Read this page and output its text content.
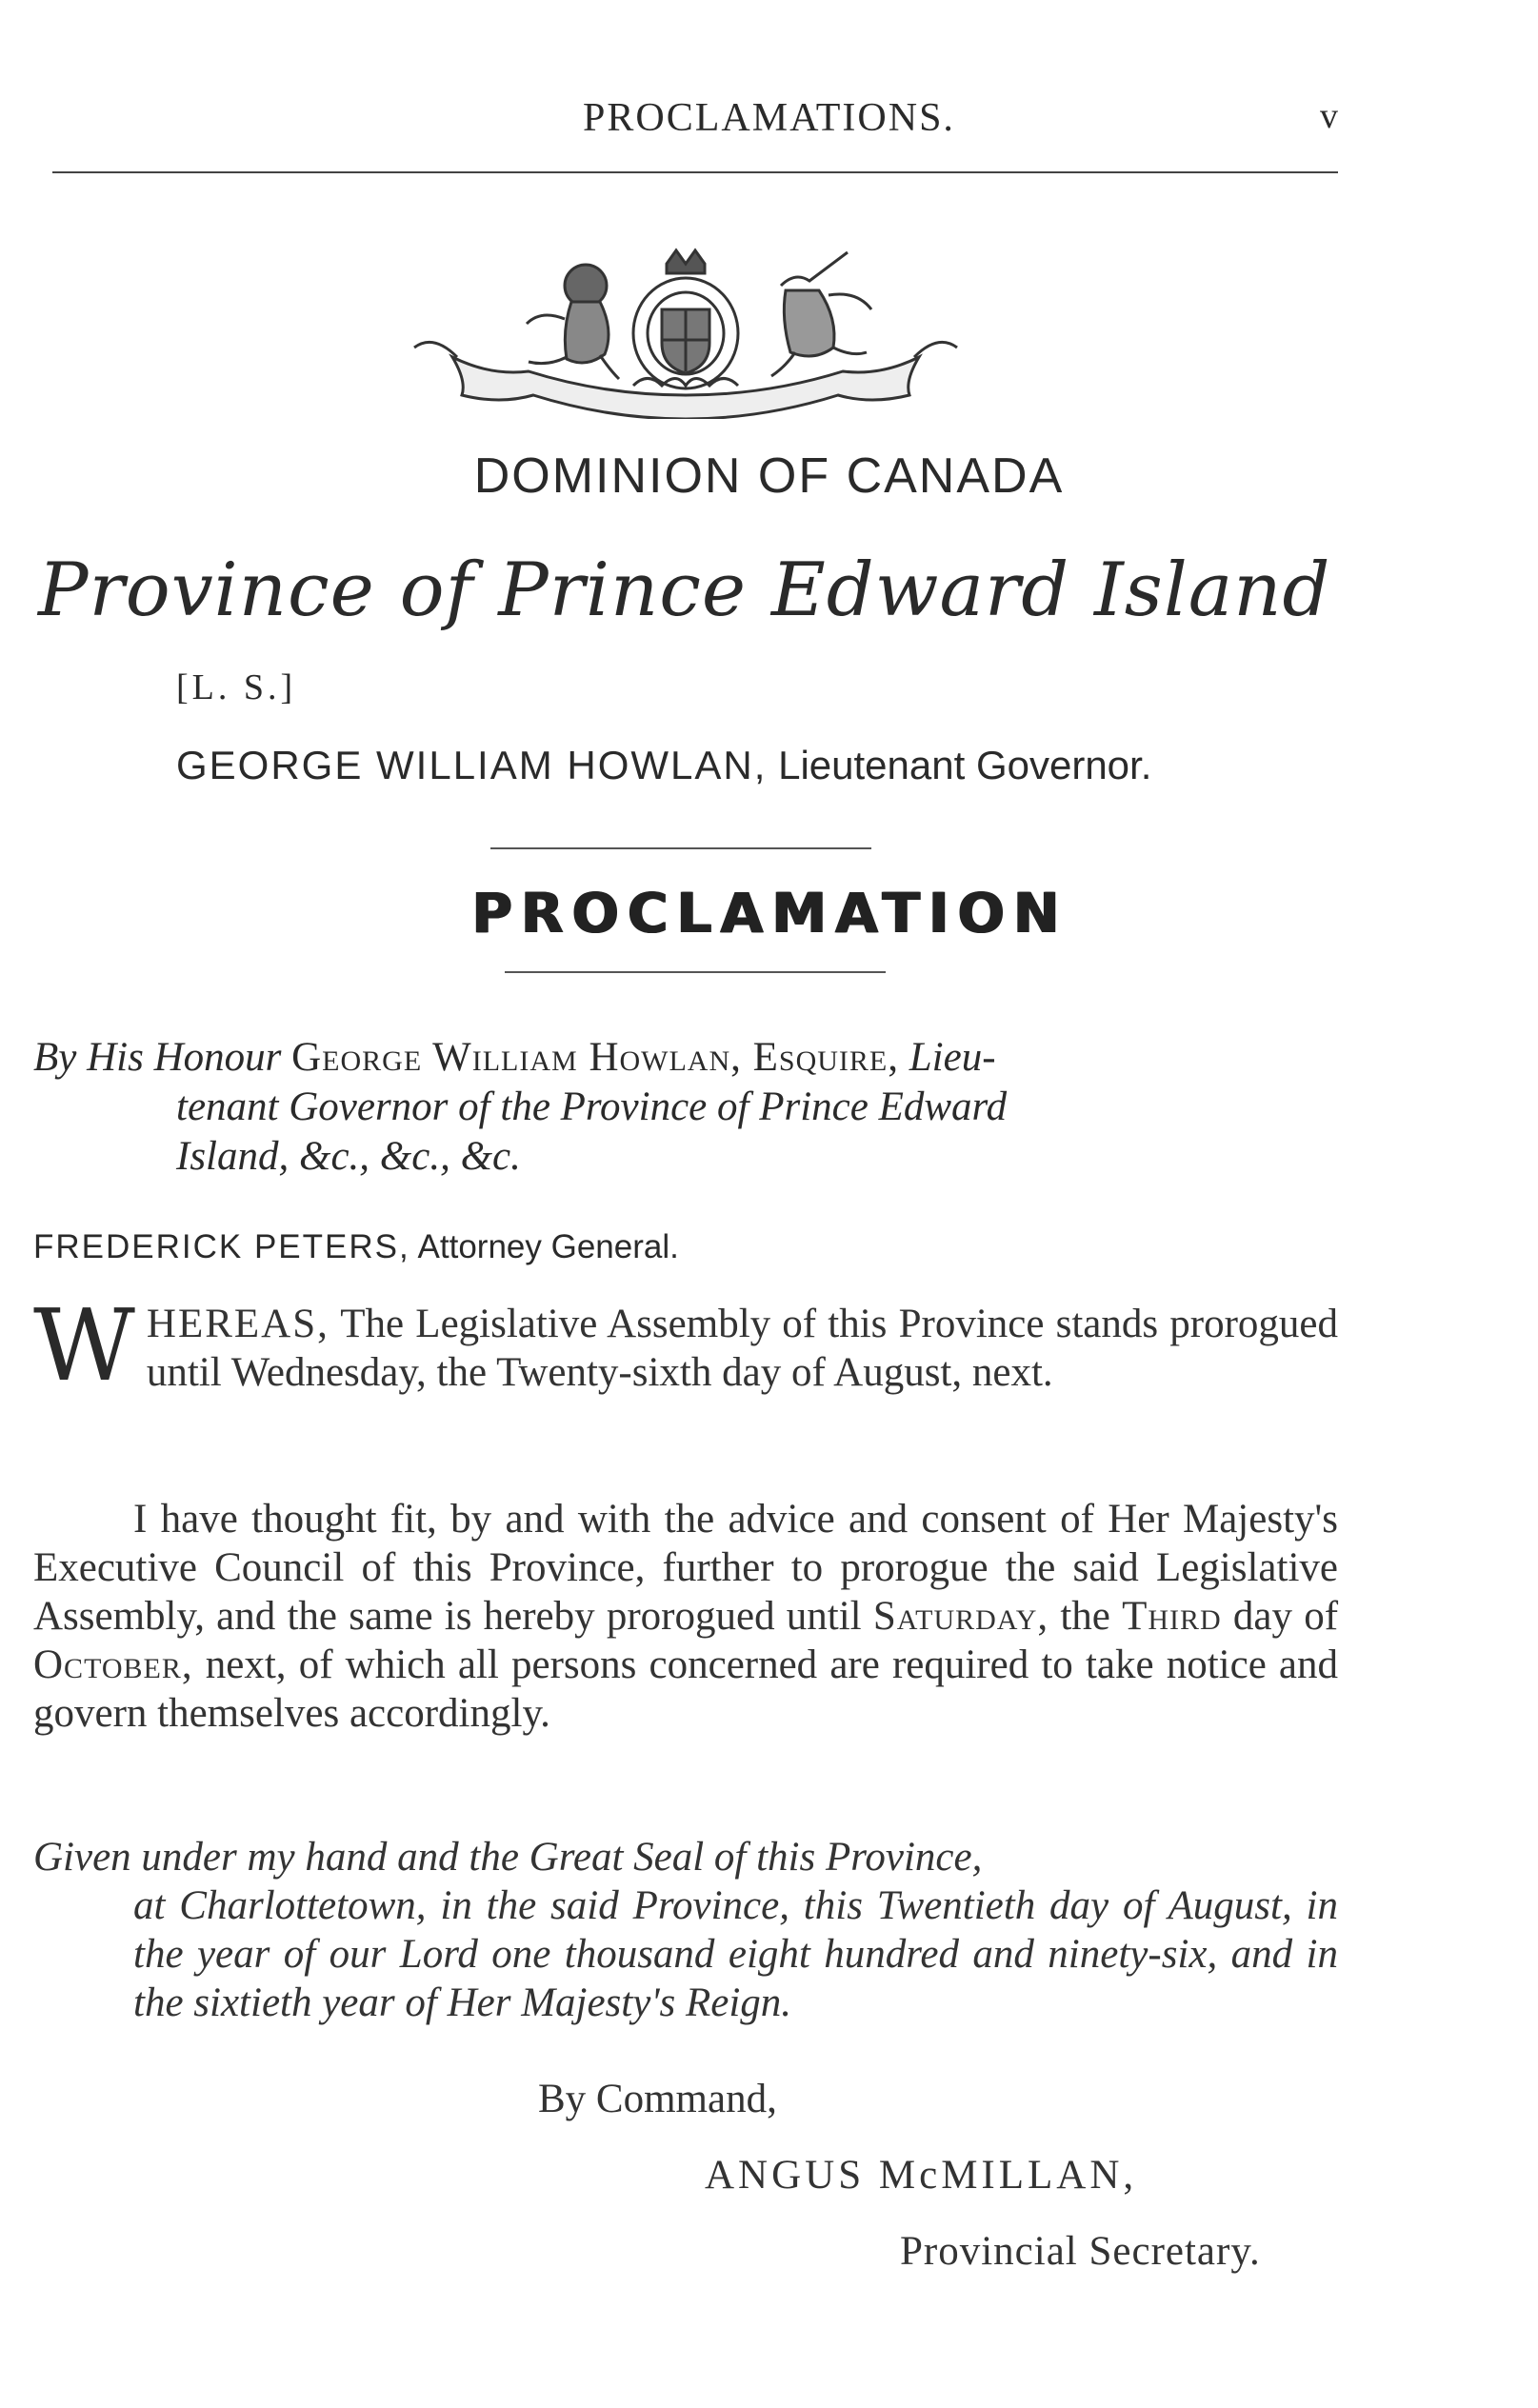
PROCLAMATIONS.	v
DOMINION OF CANADA
Province of Prince Edward Island
[L. S.]
GEORGE WILLIAM HOWLAN, Lieutenant Governor.
PROCLAMATION
By His Honour George William Howlan, Esquire, Lieu-
tenant Governor of the Province of Prince Edward
Island, &c., &c., &c.
FREDERICK PETERS, Attorney General.
WHEREAS, The Legislative Assembly of this Province stands prorogued until Wednesday, the Twenty-sixth day of August, next.
I have thought fit, by and with the advice and consent of Her Majesty's Executive Council of this Province, further to prorogue the said Legislative Assembly, and the same is hereby prorogued until Saturday, the Third day of October, next, of which all persons concerned are required to take notice and govern themselves accordingly.
Given under my hand and the Great Seal of this Province,
at Charlottetown, in the said Province, this Twentieth day of August, in the year of our Lord one thousand eight hundred and ninety-six, and in the sixtieth year of Her Majesty's Reign.
By Command,
ANGUS McMILLAN,
Provincial Secretary.
